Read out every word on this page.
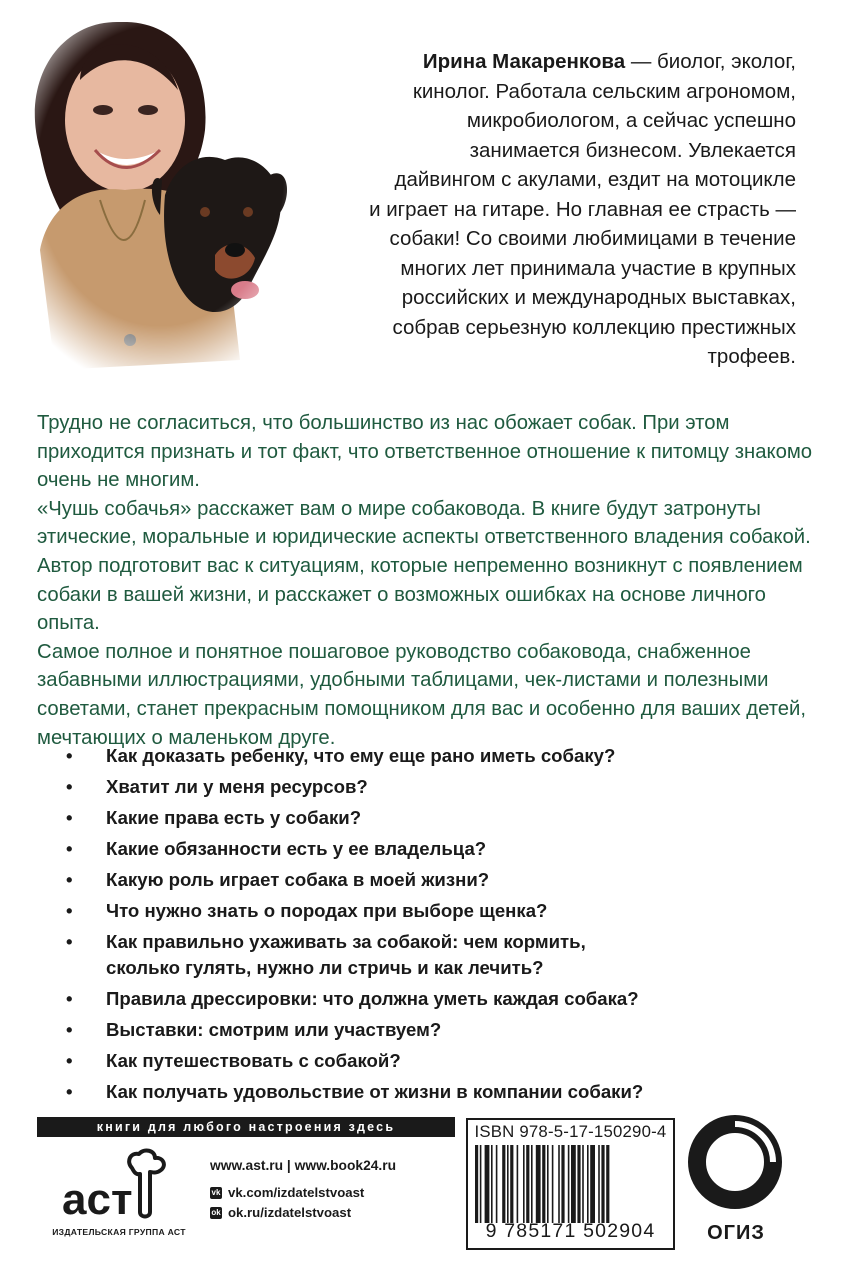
Ирина Макаренкова — биолог, эколог,
кинолог. Работала сельским агрономом,
микробиологом, а сейчас успешно
занимается бизнесом. Увлекается
дайвингом с акулами, ездит на мотоцикле
и играет на гитаре. Но главная ее страсть —
собаки! Со своими любимицами в течение
многих лет принимала участие в крупных
российских и международных выставках,
собрав серьезную коллекцию престижных
трофеев.

Трудно не согласиться, что большинство из нас обожает собак. При этом приходится признать и тот факт, что ответственное отношение к питомцу знакомо очень не многим.

«Чушь собачья» расскажет вам о мире собаковода. В книге будут затронуты этические, моральные и юридические аспекты ответственного владения собакой. Автор подготовит вас к ситуациям, которые непременно возникнут с появлением собаки в вашей жизни, и расскажет о возможных ошибках на основе личного опыта.

Самое полное и понятное пошаговое руководство собаковода, снабженное забавными иллюстрациями, удобными таблицами, чек-листами и полезными советами, станет прекрасным помощником для вас и особенно для ваших детей, мечтающих о маленьком друге.

• Как доказать ребенку, что ему еще рано иметь собаку?
• Хватит ли у меня ресурсов?
• Какие права есть у собаки?
• Какие обязанности есть у ее владельца?
• Какую роль играет собака в моей жизни?
• Что нужно знать о породах при выборе щенка?
• Как правильно ухаживать за собакой: чем кормить,
сколько гулять, нужно ли стричь и как лечить?
• Правила дрессировки: что должна уметь каждая собака?
• Выставки: смотрим или участвуем?
• Как путешествовать с собакой?
• Как получать удовольствие от жизни в компании собаки?
книги для любого настроения здесь
аст
ИЗДАТЕЛЬСКАЯ ГРУППА АСТ
www.ast.ru | www.book24.ru
vk vk.com/izdatelstvoast
ok ok.ru/izdatelstvoast
ISBN 978-5-17-150290-4
9 785171 502904	ОГИЗ
